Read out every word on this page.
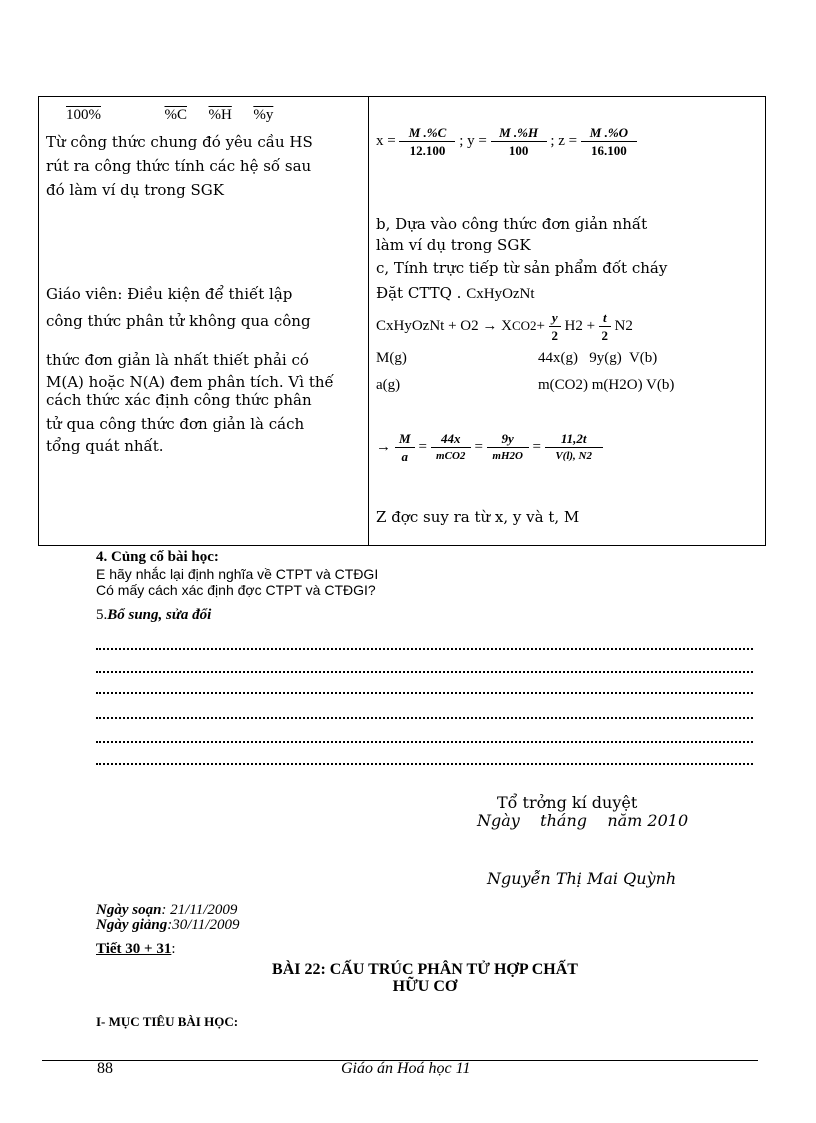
100%	%C %H %y
Từ công thức chung đó yêu cầu HS
rút ra công thức tính các hệ số sau
đó làm ví dụ trong SGK
Giáo viên: Điều kiện để thiết lập
công thức phân tử không qua công
thức đơn giản là nhất thiết phải có
M(A) hoặc N(A) đem phân tích. Vì thế
cách thức xác định công thức phân
tử qua công thức đơn giản là cách
tổng quát nhất.
$x = \frac{M .\%C}{12.100}$ ; $y = \frac{M .\%H}{100}$ ; $z = \frac{M .\%O}{16.100}$
b, Dựa vào công thức đơn giản nhất
làm ví dụ trong SGK
c, Tính trực tiếp từ sản phẩm đốt cháy
Đặt CTTQ . CxHyOzNt
CxHyOzNt + $O2 \to XCO2+ \frac{y}{2} H2 + \frac{t}{2} N2$
M(g)	44x(g)   9y(g)  V(b)
a(g)	m(CO2) m(H2O) V(b)
→ $\frac{M}{a} = \frac{44x}{\text{mCO2}} = \frac{9y}{mH2O} = \frac{11,2t}{V(l), N2}$
Z đợc suy ra từ x, y và t, M
4. Củng cố bài học:
E hãy nhắc lại định nghĩa về CTPT và CTĐGI
Có mấy cách xác định đợc CTPT và CTĐGI?
5.Bổ sung, sửa đổi
Tổ trởng kí duyệt
Ngày    tháng    năm 2010
Nguyễn Thị Mai Quỳnh
Ngày soạn: 21/11/2009
Ngày giảng:30/11/2009
Tiết 30 + 31:
BÀI 22: CẤU TRÚC PHÂN TỬ HỢP CHẤT
HỮU CƠ
I- MỤC TIÊU BÀI HỌC:
88	Giáo án Hoá học 11
